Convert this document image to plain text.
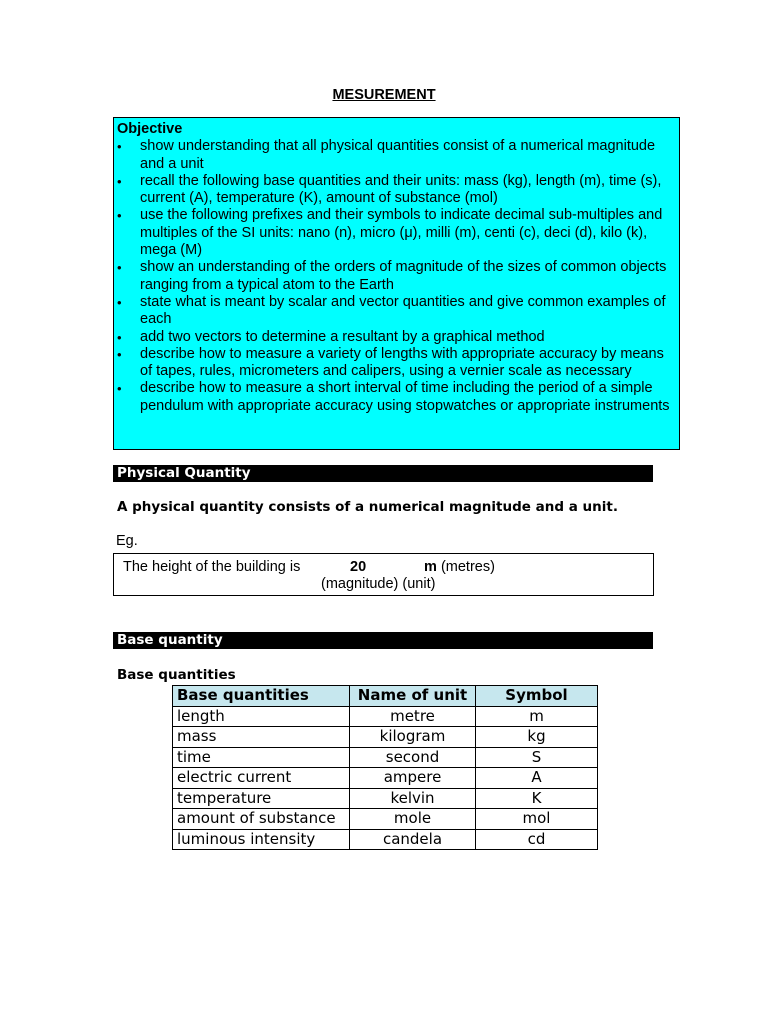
MESUREMENT
Objective
• show understanding that all physical quantities consist of a numerical magnitude and a unit
• recall the following base quantities and their units: mass (kg), length (m), time (s), current (A), temperature (K), amount of substance (mol)
• use the following prefixes and their symbols to indicate decimal sub-multiples and multiples of the SI units: nano (n), micro (μ), milli (m), centi (c), deci (d), kilo (k), mega (M)
• show an understanding of the orders of magnitude of the sizes of common objects ranging from a typical atom to the Earth
• state what is meant by scalar and vector quantities and give common examples of each
• add two vectors to determine a resultant by a graphical method
• describe how to measure a variety of lengths with appropriate accuracy by means of tapes, rules, micrometers and calipers, using a vernier scale as necessary
• describe how to measure a short interval of time including the period of a simple pendulum with appropriate accuracy using stopwatches or appropriate instruments
Physical Quantity
A physical quantity consists of a numerical magnitude and a unit.
Eg.
The height of the building is	20	m (metres)
(magnitude) (unit)
Base quantity
Base quantities
Base quantities	Name of unit	Symbol
length	metre	m
mass	kilogram	kg
time	second	S
electric current	ampere	A
temperature	kelvin	K
amount of substance	mole	mol
luminous intensity	candela	cd
